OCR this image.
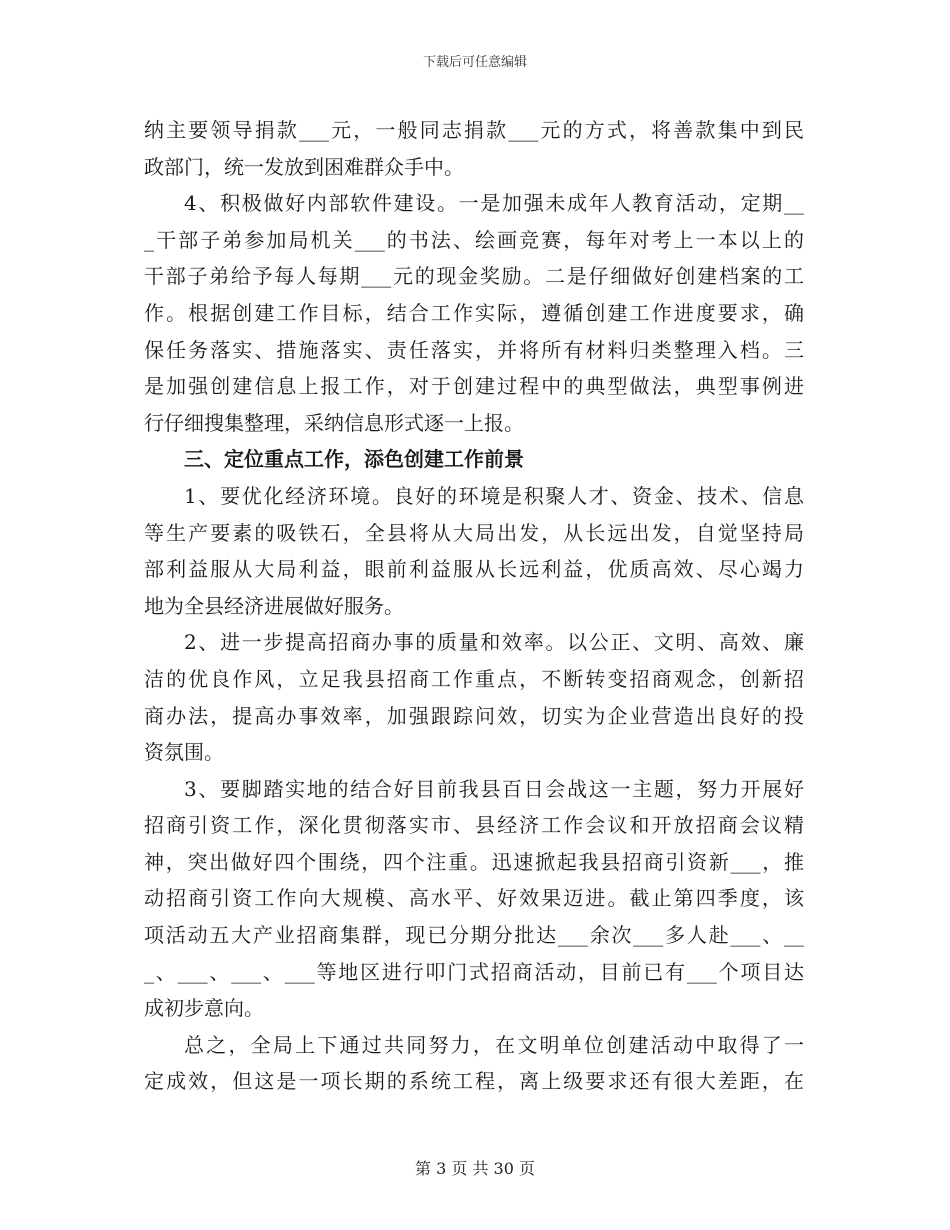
下载后可任意编辑
纳主要领导捐款___元，一般同志捐款___元的方式，将善款集中到民
政部门，统一发放到困难群众手中。
4、积极做好内部软件建设。一是加强未成年人教育活动，定期__
_干部子弟参加局机关___的书法、绘画竞赛，每年对考上一本以上的
干部子弟给予每人每期___元的现金奖励。二是仔细做好创建档案的工
作。根据创建工作目标，结合工作实际，遵循创建工作进度要求，确
保任务落实、措施落实、责任落实，并将所有材料归类整理入档。三
是加强创建信息上报工作，对于创建过程中的典型做法，典型事例进
行仔细搜集整理，采纳信息形式逐一上报。
三、定位重点工作，添色创建工作前景
1、要优化经济环境。良好的环境是积聚人才、资金、技术、信息
等生产要素的吸铁石，全县将从大局出发，从长远出发，自觉坚持局
部利益服从大局利益，眼前利益服从长远利益，优质高效、尽心竭力
地为全县经济进展做好服务。
2、进一步提高招商办事的质量和效率。以公正、文明、高效、廉
洁的优良作风，立足我县招商工作重点，不断转变招商观念，创新招
商办法，提高办事效率，加强跟踪问效，切实为企业营造出良好的投
资氛围。
3、要脚踏实地的结合好目前我县百日会战这一主题，努力开展好
招商引资工作，深化贯彻落实市、县经济工作会议和开放招商会议精
神，突出做好四个围绕，四个注重。迅速掀起我县招商引资新___，推
动招商引资工作向大规模、高水平、好效果迈进。截止第四季度，该
项活动五大产业招商集群，现已分期分批达___余次___多人赴___、__
_、___、___、___等地区进行叩门式招商活动，目前已有___个项目达
成初步意向。
总之，全局上下通过共同努力，在文明单位创建活动中取得了一
定成效，但这是一项长期的系统工程，离上级要求还有很大差距，在
第 3 页 共 30 页
